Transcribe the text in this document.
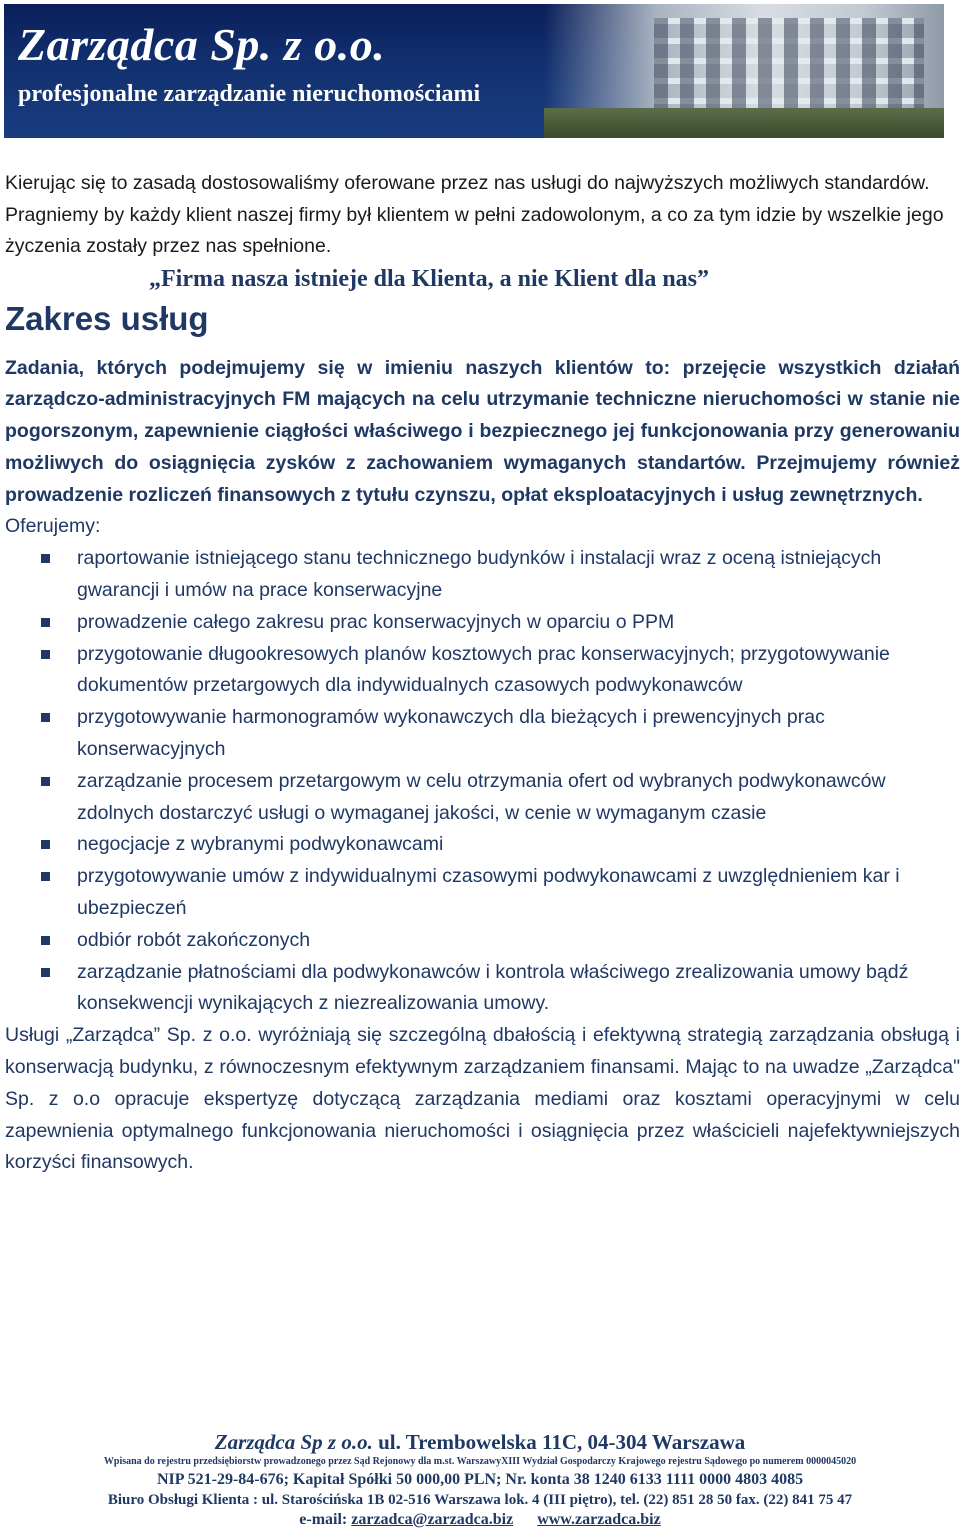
Zarządca Sp. z o.o.
profesjonalne zarządzanie nieruchomościami

Kierując się to zasadą dostosowaliśmy oferowane przez nas usługi do najwyższych możliwych standardów. Pragniemy by każdy klient naszej firmy był klientem w pełni zadowolonym, a co za tym idzie by wszelkie jego życzenia zostały przez nas spełnione.

„Firma nasza istnieje dla Klienta, a nie Klient dla nas”

Zakres usług

Zadania, których podejmujemy się w imieniu naszych klientów to: przejęcie wszystkich działań zarządczo-administracyjnych FM mających na celu utrzymanie techniczne nieruchomości w stanie nie pogorszonym, zapewnienie ciągłości właściwego i bezpiecznego jej funkcjonowania przy generowaniu możliwych do osiągnięcia zysków z zachowaniem wymaganych standartów. Przejmujemy również prowadzenie rozliczeń finansowych z tytułu czynszu, opłat eksploatacyjnych i usług zewnętrznych.

Oferujemy:

raportowanie istniejącego stanu technicznego budynków i instalacji wraz z oceną istniejących gwarancji i umów na prace konserwacyjne
prowadzenie całego zakresu prac konserwacyjnych w oparciu o PPM
przygotowanie długookresowych planów kosztowych prac konserwacyjnych; przygotowywanie dokumentów przetargowych dla indywidualnych czasowych podwykonawców
przygotowywanie harmonogramów wykonawczych dla bieżących i prewencyjnych prac konserwacyjnych
zarządzanie procesem przetargowym w celu otrzymania ofert od wybranych podwykonawców zdolnych dostarczyć usługi o wymaganej jakości, w cenie w wymaganym czasie
negocjacje z wybranymi podwykonawcami
przygotowywanie umów z indywidualnymi czasowymi podwykonawcami z uwzględnieniem kar i ubezpieczeń
odbiór robót zakończonych
zarządzanie płatnościami dla podwykonawców i kontrola właściwego zrealizowania umowy bądź konsekwencji wynikających z niezrealizowania umowy.

Usługi „Zarządca” Sp. z o.o. wyróżniają się szczególną dbałością i efektywną strategią zarządzania obsługą i konserwacją budynku, z równoczesnym efektywnym zarządzaniem finansami. Mając to na uwadze „Zarządca" Sp. z o.o opracuje ekspertyzę dotyczącą zarządzania mediami oraz kosztami operacyjnymi w celu zapewnienia optymalnego funkcjonowania nieruchomości i osiągnięcia przez właścicieli najefektywniejszych korzyści finansowych.

Zarządca Sp z o.o. ul. Trembowelska 11C, 04-304 Warszawa
Wpisana do rejestru przedsiębiorstw prowadzonego przez Sąd Rejonowy dla m.st. WarszawyXIII Wydział Gospodarczy Krajowego rejestru Sądowego po numerem 0000045020
NIP 521-29-84-676; Kapitał Spółki 50 000,00 PLN; Nr. konta 38 1240 6133 1111 0000 4803 4085
Biuro Obsługi Klienta : ul. Starościńska 1B 02-516 Warszawa lok. 4 (III piętro), tel. (22) 851 28 50 fax. (22) 841 75 47
e-mail: zarzadca@zarzadca.biz www.zarzadca.biz
